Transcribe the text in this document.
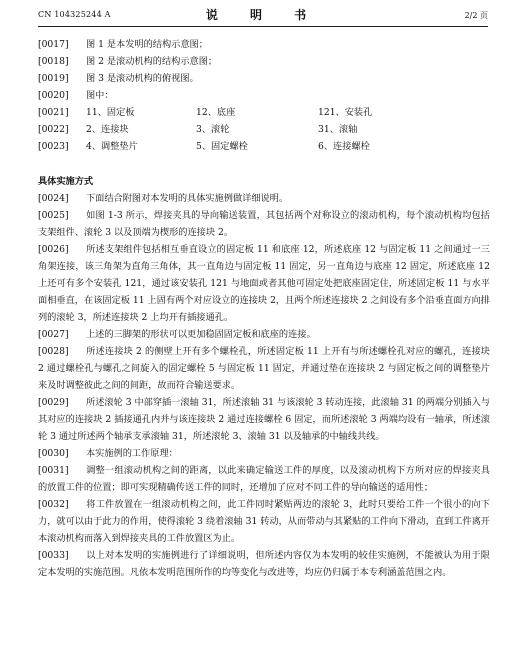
CN 104325244 A	说 明 书	2/2 页
[0017] 图 1 是本发明的结构示意图；
[0018] 图 2 是滚动机构的结构示意图；
[0019] 图 3 是滚动机构的俯视图。
[0020] 图中：
[0021] 11、固定板	12、底座	121、安装孔
[0022] 2、连接块	3、滚轮	31、滚轴
[0023] 4、调整垫片	5、固定螺栓	6、连接螺栓
具体实施方式
[0024] 下面结合附图对本发明的具体实施例做详细说明。
[0025] 如图 1-3 所示，焊接夹具的导向输送装置，其包括两个对称设立的滚动机构，每个滚动机构均包括支架组件、滚轮 3 以及顶端为楔形的连接块 2。
[0026] 所述支架组件包括相互垂直设立的固定板 11 和底座 12，所述底座 12 与固定板 11 之间通过一三角架连接，该三角架为直角三角体，其一直角边与固定板 11 固定，另一直角边与底座 12 固定，所述底座 12 上还可有多个安装孔 121，通过该安装孔 121 与地面或者其他可固定处把底座固定住，所述固定板 11 与水平面相垂直，在该固定板 11 上固有两个对应设立的连接块 2，且两个所述连接块 2 之间设有多个沿垂直面方向排列的滚轮 3，所述连接块 2 上均开有插接通孔。
[0027] 上述的三脚架的形状可以更加稳固固定板和底座的连接。
[0028] 所述连接块 2 的侧壁上开有多个螺栓孔，所述固定板 11 上开有与所述螺栓孔对应的螺孔，连接块 2 通过螺栓孔与螺孔之间旋入的固定螺栓 5 与固定板 11 固定，并通过垫在连接块 2 与固定板之间的调整垫片来及时调整彼此之间的间距，故而符合输送要求。
[0029] 所述滚轮 3 中部穿插一滚轴 31，所述滚轴 31 与该滚轮 3 转动连接，此滚轴 31 的两端分别插入与其对应的连接块 2 插接通孔内并与该连接块 2 通过连接螺栓 6 固定，而所述滚轮 3 两端均设有一轴承，所述滚轮 3 通过所述两个轴承支承滚轴 31，所述滚轮 3、滚轴 31 以及轴承的中轴线共线。
[0030] 本实施例的工作原理：
[0031] 调整一组滚动机构之间的距离，以此来确定输送工件的厚度，以及滚动机构下方所对应的焊接夹具的放置工件的位置；即可实现精确传送工件的同时，还增加了应对不同工件的导向输送的适用性；
[0032] 将工件放置在一组滚动机构之间，此工件同时紧贴两边的滚轮 3，此时只要给工件一个很小的向下力，就可以由于此力的作用，使得滚轮 3 绕着滚轴 31 转动，从而带动与其紧贴的工件向下滑动，直到工件离开本滚动机构而落入到焊接夹具的工件放置区为止。
[0033] 以上对本发明的实施例进行了详细说明，但所述内容仅为本发明的较佳实施例，不能被认为用于限定本发明的实施范围。凡依本发明范围所作的均等变化与改进等，均应仍归属于本专利涵盖范围之内。
